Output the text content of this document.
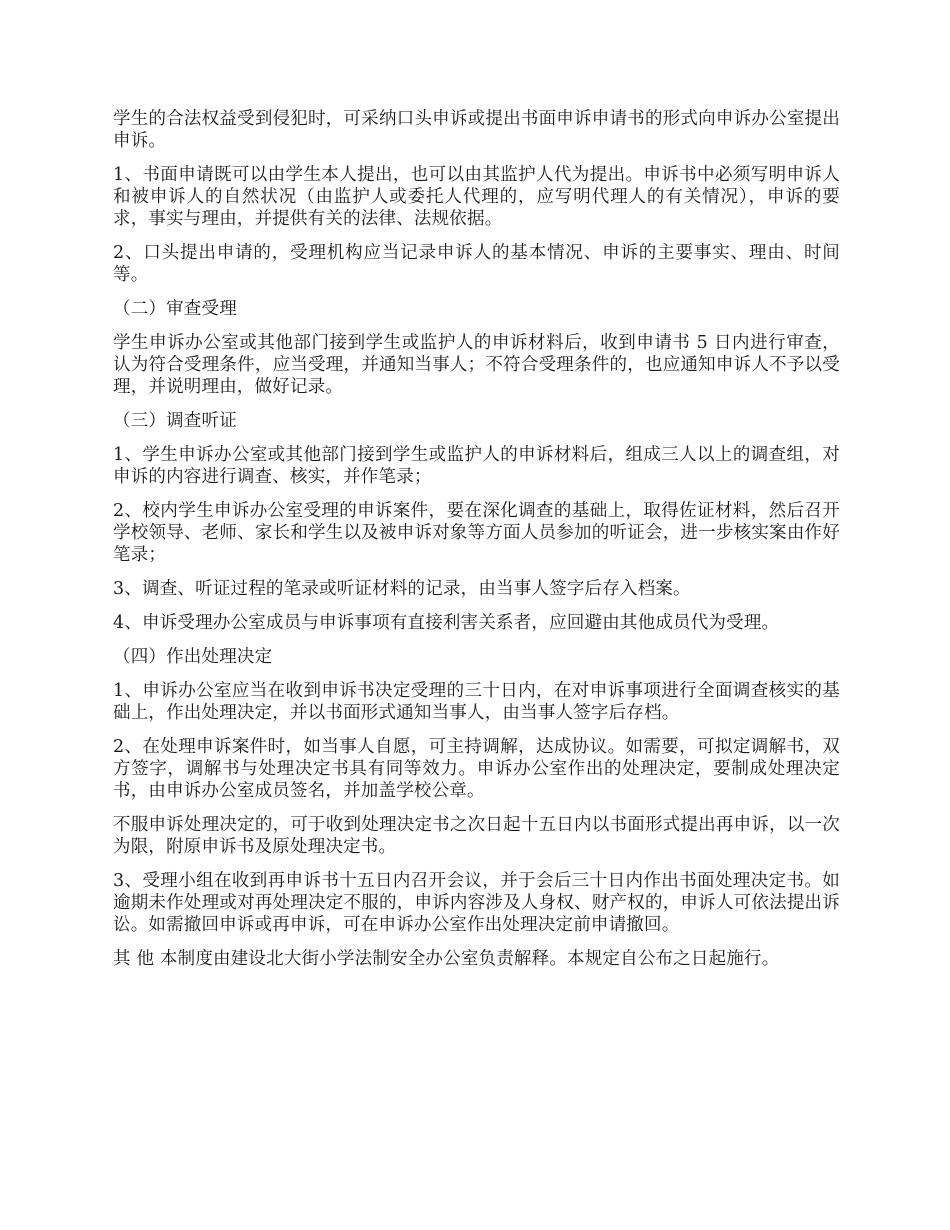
学生的合法权益受到侵犯时，可采纳口头申诉或提出书面申诉申请书的形式向申诉办公室提出申诉。

1、书面申请既可以由学生本人提出，也可以由其监护人代为提出。申诉书中必须写明申诉人和被申诉人的自然状况（由监护人或委托人代理的，应写明代理人的有关情况），申诉的要求，事实与理由，并提供有关的法律、法规依据。

2、口头提出申请的，受理机构应当记录申诉人的基本情况、申诉的主要事实、理由、时间等。

（二）审查受理

学生申诉办公室或其他部门接到学生或监护人的申诉材料后，收到申请书 5 日内进行审查，认为符合受理条件，应当受理，并通知当事人；不符合受理条件的，也应通知申诉人不予以受理，并说明理由，做好记录。

（三）调查听证

1、学生申诉办公室或其他部门接到学生或监护人的申诉材料后，组成三人以上的调查组，对申诉的内容进行调查、核实，并作笔录；

2、校内学生申诉办公室受理的申诉案件，要在深化调查的基础上，取得佐证材料，然后召开学校领导、老师、家长和学生以及被申诉对象等方面人员参加的听证会，进一步核实案由作好笔录；

3、调查、听证过程的笔录或听证材料的记录，由当事人签字后存入档案。

4、申诉受理办公室成员与申诉事项有直接利害关系者，应回避由其他成员代为受理。

（四）作出处理决定

1、申诉办公室应当在收到申诉书决定受理的三十日内，在对申诉事项进行全面调查核实的基础上，作出处理决定，并以书面形式通知当事人，由当事人签字后存档。

2、在处理申诉案件时，如当事人自愿，可主持调解，达成协议。如需要，可拟定调解书，双方签字，调解书与处理决定书具有同等效力。申诉办公室作出的处理决定，要制成处理决定书，由申诉办公室成员签名，并加盖学校公章。

不服申诉处理决定的，可于收到处理决定书之次日起十五日内以书面形式提出再申诉，以一次为限，附原申诉书及原处理决定书。

3、受理小组在收到再申诉书十五日内召开会议，并于会后三十日内作出书面处理决定书。如逾期未作处理或对再处理决定不服的，申诉内容涉及人身权、财产权的，申诉人可依法提出诉讼。如需撤回申诉或再申诉，可在申诉办公室作出处理决定前申请撤回。

其 他 本制度由建设北大街小学法制安全办公室负责解释。本规定自公布之日起施行。
